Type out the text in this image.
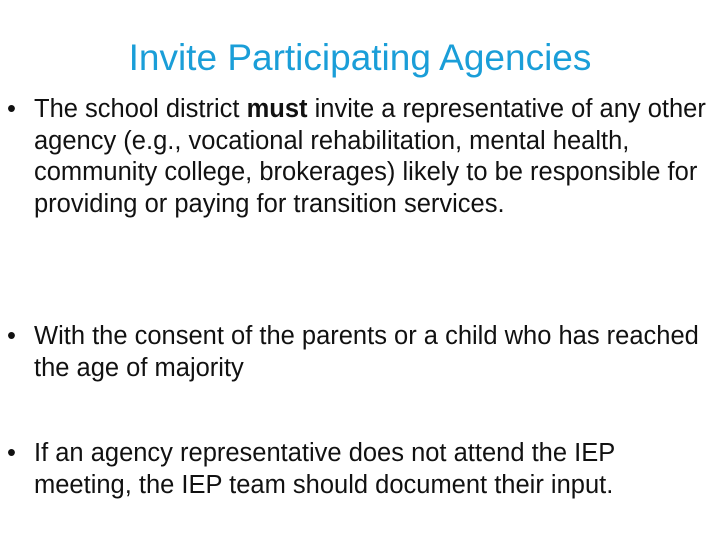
Invite Participating Agencies
• The school district must invite a representative of any other agency (e.g., vocational rehabilitation, mental health, community college, brokerages) likely to be responsible for providing or paying for transition services.
• With the consent of the parents or a child who has reached the age of majority
• If an agency representative does not attend the IEP meeting, the IEP team should document their input.
